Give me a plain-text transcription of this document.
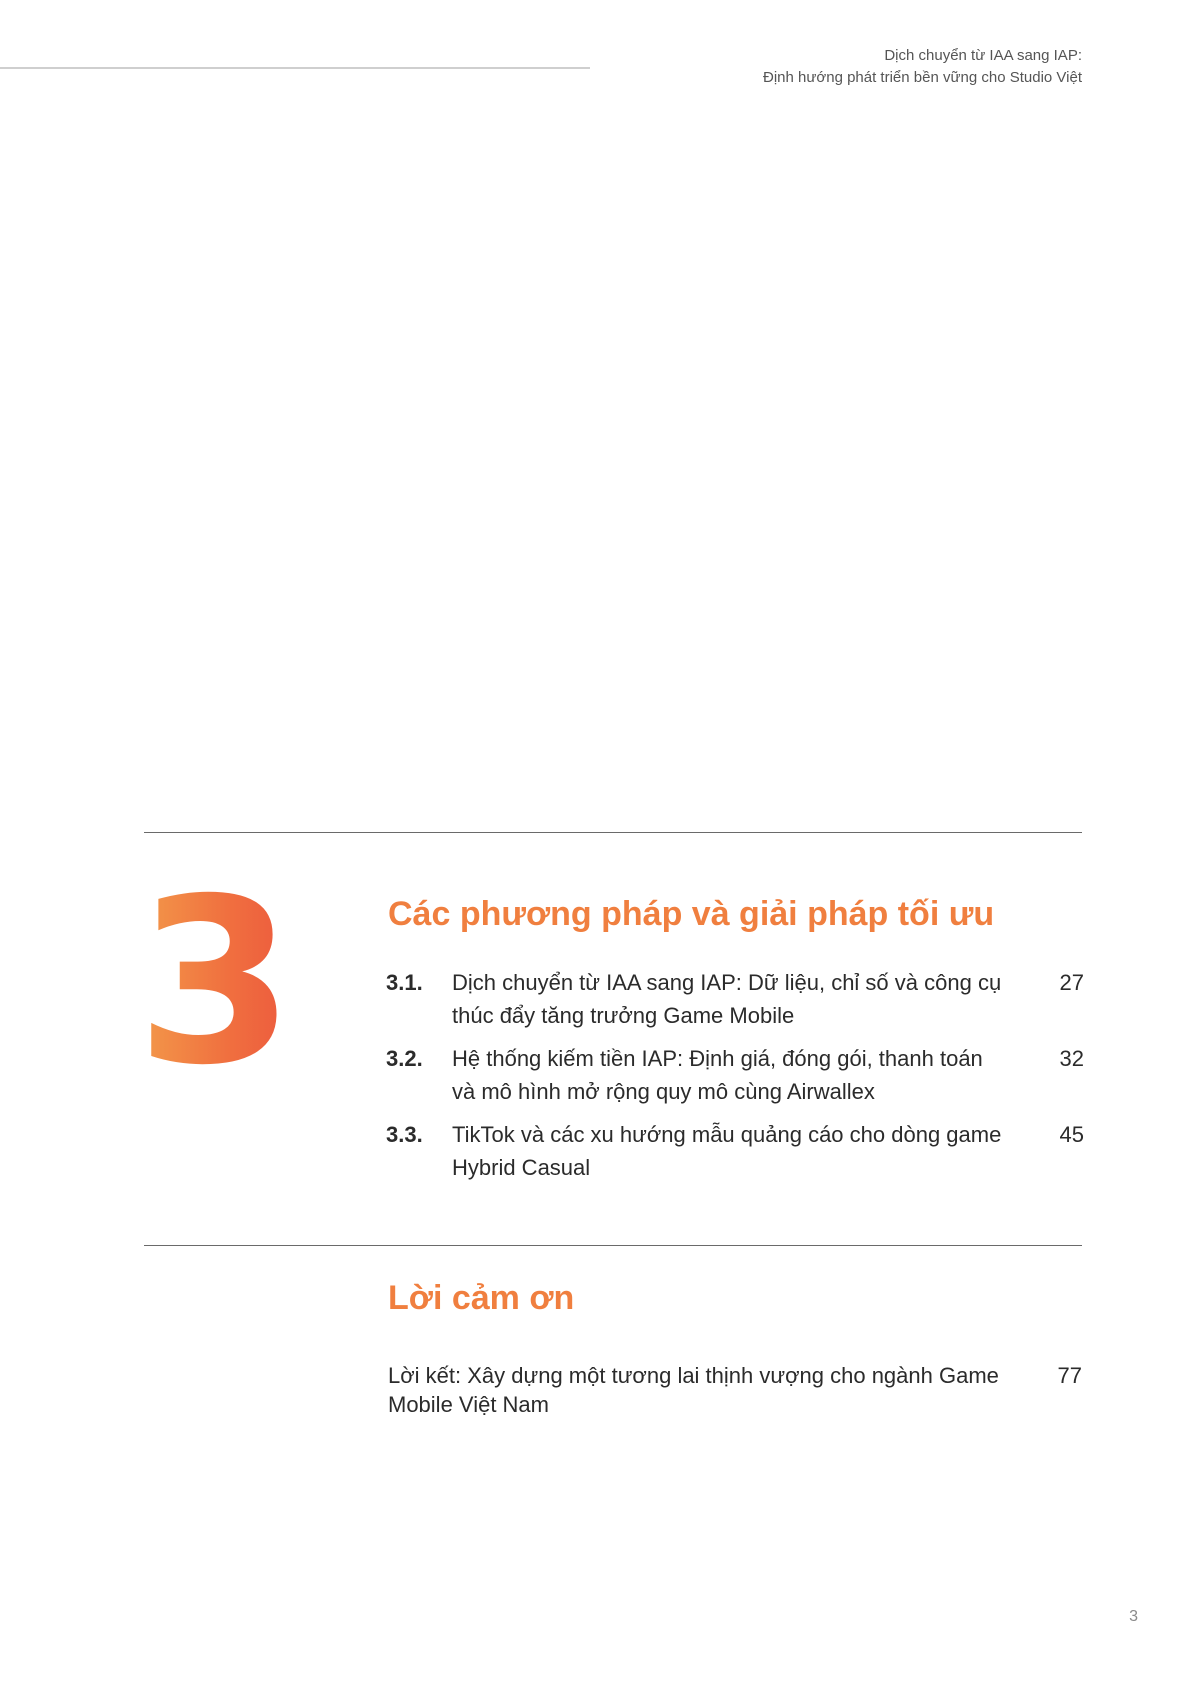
Dịch chuyển từ IAA sang IAP:
Định hướng phát triển bền vững cho Studio Việt
3	Các phương pháp và giải pháp tối ưu
3.1. Dịch chuyển từ IAA sang IAP: Dữ liệu, chỉ số và công cụ thúc đẩy tăng trưởng Game Mobile
27
3.2. Hệ thống kiếm tiền IAP: Định giá, đóng gói, thanh toán và mô hình mở rộng quy mô cùng Airwallex
32
3.3. TikTok và các xu hướng mẫu quảng cáo cho dòng game Hybrid Casual
45
Lời cảm ơn
Lời kết: Xây dựng một tương lai thịnh vượng cho ngành Game Mobile Việt Nam
77
3
